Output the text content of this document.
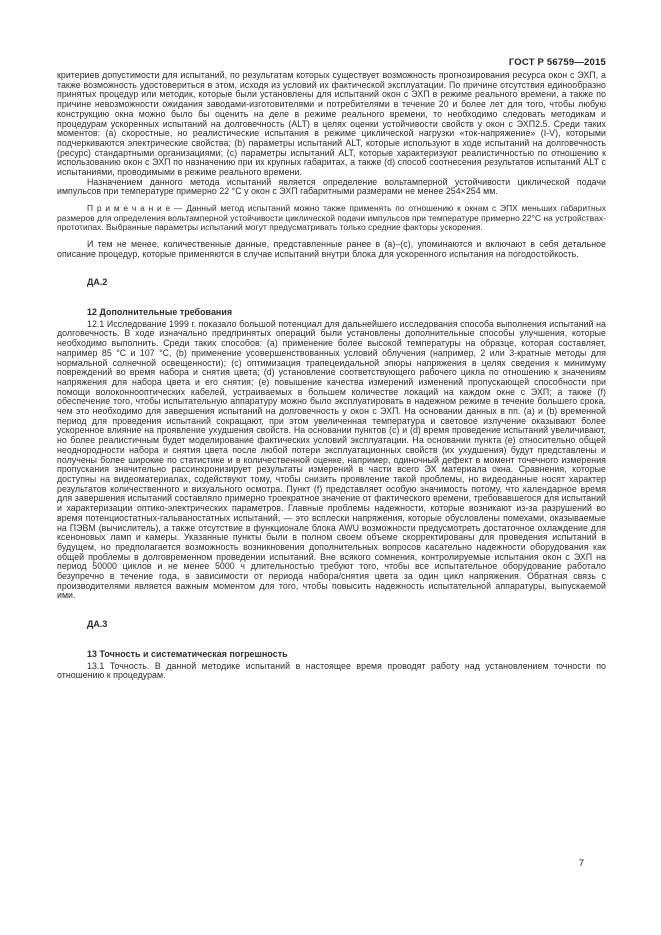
ГОСТ Р 56759—2015

критериев допустимости для испытаний, по результатам которых существует возможность прогнозирования ресурса окон с ЭХП, а также возможность удостовериться в этом, исходя из условий их фактической эксплуатации. По причине отсутствия единообразно принятых процедур или методик, которые были установлены для испытаний окон с ЭХП в режиме реального времени, а также по причине невозможности ожидания заводами-изготовителями и потребителями в течение 20 и более лет для того, чтобы любую конструкцию окна можно было бы оценить на деле в режиме реального времени, то необходимо следовать методикам и процедурам ускоренных испытаний на долговечность (ALT) в целях оценки устойчивости свойств у окон с ЭХП2.5. Среди таких моментов: (а) скоростные, но реалистические испытания в режиме циклической нагрузки «ток-напряжение» (I-V), которыми подчеркиваются электрические свойства; (b) параметры испытаний ALT, которые используют в ходе испытаний на долговечность (ресурс) стандартными организациями; (с) параметры испытаний ALT, которые характеризуют реалистичностью по отношению к использованию окон с ЭХП по назначению при их крупных габаритах, а также (d) способ соотнесения результатов испытаний ALT с испытаниями, проводимыми в режиме реального времени.

Назначением данного метода испытаний является определение вольтамперной устойчивости циклической подачи импульсов при температуре примерно 22 °C у окон с ЭХП габаритными размерами не менее 254×254 мм.

П р и м е ч а н и е — Данный метод испытаний можно также применять по отношению к окнам с ЭПХ меньших габаритных размеров для определения вольтамперной устойчивости циклической подачи импульсов при температуре примерно 22°C на устройствах-прототипах. Выбранные параметры испытаний могут предусматривать только средние факторы ускорения.

И тем не менее, количественные данные, представленные ранее в (а)–(с), упоминаются и включают в себя детальное описание процедур, которые применяются в случае испытаний внутри блока для ускоренного испытания на погодостойкость.

ДА.2

12 Дополнительные требования

12.1 Исследование 1999 г. показало большой потенциал для дальнейшего исследования способа выполнения испытаний на долговечность. В ходе изначально предпринятых операций были установлены дополнительные способы улучшения, которые необходимо выполнить. Среди таких способов: (а) применение более высокой температуры на образце, которая составляет, например 85 °C и 107 °C, (b) применение усовершенствованных условий облучения (например, 2 или 3-кратные методы для нормальной солнечной освещенности); (с) оптимизация трапецеидальной эпюры напряжения в целях сведения к минимуму повреждений во время набора и снятия цвета; (d) установление соответствующего рабочего цикла по отношению к значениям напряжения для набора цвета и его снятия; (е) повышение качества измерений изменений пропускающей способности при помощи волоконнооптических кабелей, устраиваемых в большем количестве локаций на каждом окне с ЭХП; а также (f) обеспечение того, чтобы испытательную аппаратуру можно было эксплуатировать в надежном режиме в течение большего срока, чем это необходимо для завершения испытаний на долговечность у окон с ЭХП. На основании данных в пп. (а) и (b) временной период для проведения испытаний сокращают, при этом увеличенная температура и световое излучение оказывают более ускоренное влияние на проявление ухудшения свойств. На основании пунктов (с) и (d) время проведение испытаний увеличивают, но более реалистичным будет моделирование фактических условий эксплуатации. На основании пункта (е) относительно общей неоднородности набора и снятия цвета после любой потери эксплуатационных свойств (их ухудшения) будут представлены и получены более широкие по статистике и в количественной оценке, например, одиночный дефект в момент точечного измерения пропускания значительно рассинхронизирует результаты измерений в части всего ЭХ материала окна. Сравнения, которые доступны на видеоматериалах, содействуют тому, чтобы снизить проявление такой проблемы, но видеоданные носят характер результатов количественного и визуального осмотра. Пункт (f) представляет особую значимость потому, что календарное время для завершения испытаний составляло примерно троекратное значение от фактического времени, требовавшегося для испытаний и характеризации оптико-электрических параметров. Главные проблемы надежности, которые возникают из-за разрушений во время потенциостатных-гальваностатных испытаний, — это всплески напряжения, которые обусловлены помехами, оказываемые на ПЭВМ (вычислитель), а также отсутствие в функционале блока AWU возможности предусмотреть достаточное охлаждение для ксеноновых ламп и камеры. Указанные пункты были в полном своем объеме скорректированы для проведения испытаний в будущем, но предполагается возможность возникновения дополнительных вопросов касательно надежности оборудования как общей проблемы в долговременном проведении испытаний. Вне всякого сомнения, контролируемые испытания окон с ЭХП на период 50000 циклов и не менее 5000 ч длительностью требуют того, чтобы все испытательное оборудование работало безупречно в течение года, в зависимости от периода набора/снятия цвета за один цикл напряжения. Обратная связь с производителями является важным моментом для того, чтобы повысить надежность испытательной аппаратуры, выпускаемой ими.

ДА.3

13 Точность и систематическая погрешность

13.1 Точность. В данной методике испытаний в настоящее время проводят работу над установлением точности по отношению к процедурам.

7
